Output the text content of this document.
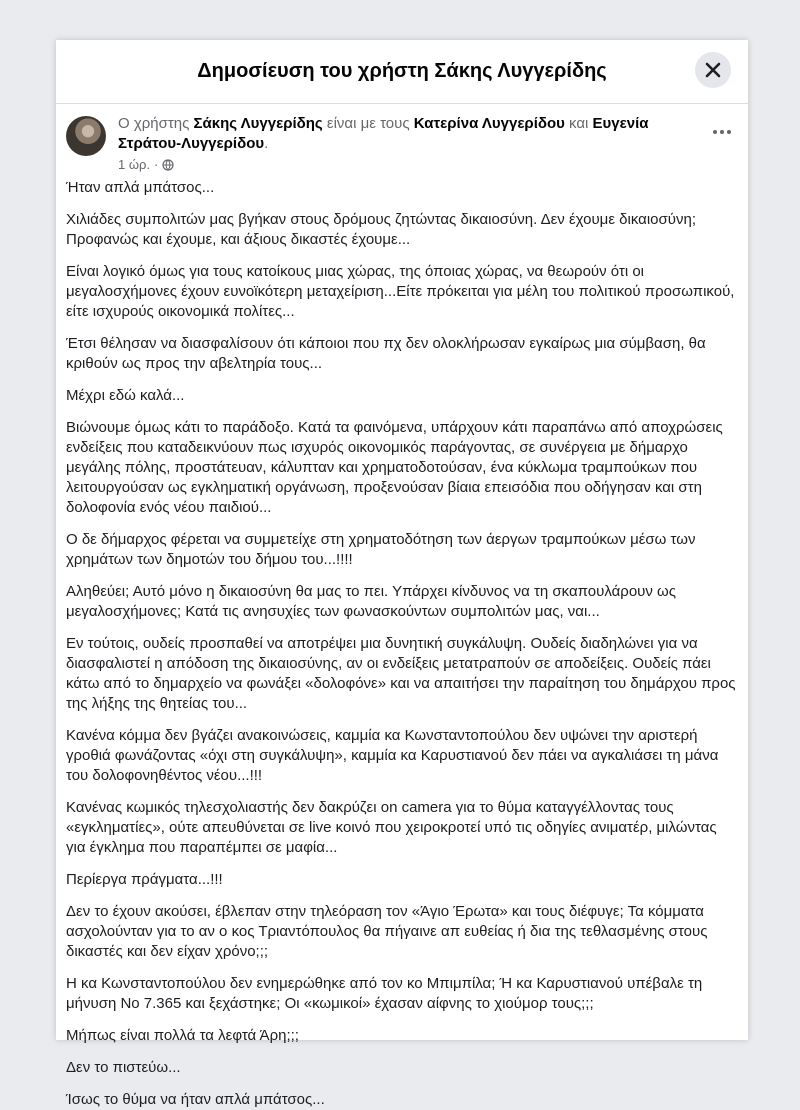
Δημοσίευση του χρήστη Σάκης Λυγγερίδης
Ο χρήστης Σάκης Λυγγερίδης είναι με τους Κατερίνα Λυγγερίδου και Ευγενία Στράτου-Λυγγερίδου.
1 ώρ. ·

Ήταν απλά μπάτσος...

Χιλιάδες συμπολιτών μας βγήκαν στους δρόμους ζητώντας δικαιοσύνη. Δεν έχουμε δικαιοσύνη; Προφανώς και έχουμε, και άξιους δικαστές έχουμε...

Είναι λογικό όμως για τους κατοίκους μιας χώρας, της όποιας χώρας, να θεωρούν ότι οι μεγαλοσχήμονες έχουν ευνοϊκότερη μεταχείριση...Είτε πρόκειται για μέλη του πολιτικού προσωπικού, είτε ισχυρούς οικονομικά πολίτες...

Έτσι θέλησαν να διασφαλίσουν ότι κάποιοι που πχ δεν ολοκλήρωσαν εγκαίρως μια σύμβαση, θα κριθούν ως προς την αβελτηρία τους...

Μέχρι εδώ καλά...

Βιώνουμε όμως κάτι το παράδοξο. Κατά τα φαινόμενα, υπάρχουν κάτι παραπάνω από αποχρώσεις ενδείξεις που καταδεικνύουν πως ισχυρός οικονομικός παράγοντας, σε συνέργεια με δήμαρχο μεγάλης πόλης, προστάτευαν, κάλυπταν και χρηματοδοτούσαν, ένα κύκλωμα τραμπούκων που λειτουργούσαν ως εγκληματική οργάνωση, προξενούσαν βίαια επεισόδια που οδήγησαν και στη δολοφονία ενός νέου παιδιού...

Ο δε δήμαρχος φέρεται να συμμετείχε στη χρηματοδότηση των άεργων τραμπούκων μέσω των χρημάτων των δημοτών του δήμου του...!!!!

Αληθεύει; Αυτό μόνο η δικαιοσύνη θα μας το πει. Υπάρχει κίνδυνος να τη σκαπουλάρουν ως μεγαλοσχήμονες; Κατά τις ανησυχίες των φωνασκούντων συμπολιτών μας, ναι...

Εν τούτοις, ουδείς προσπαθεί να αποτρέψει μια δυνητική συγκάλυψη. Ουδείς διαδηλώνει για να διασφαλιστεί η απόδοση της δικαιοσύνης, αν οι ενδείξεις μετατραπούν σε αποδείξεις. Ουδείς πάει κάτω από το δημαρχείο να φωνάξει «δολοφόνε» και να απαιτήσει την παραίτηση του δημάρχου προς της λήξης της θητείας του...

Κανένα κόμμα δεν βγάζει ανακοινώσεις, καμμία κα Κωνσταντοπούλου δεν υψώνει την αριστερή γροθιά φωνάζοντας «όχι στη συγκάλυψη», καμμία κα Καρυστιανού δεν πάει να αγκαλιάσει τη μάνα του δολοφονηθέντος νέου...!!!

Κανένας κωμικός τηλεσχολιαστής δεν δακρύζει on camera για το θύμα καταγγέλλοντας τους «εγκληματίες», ούτε απευθύνεται σε live κοινό που χειροκροτεί υπό τις οδηγίες ανιματέρ, μιλώντας για έγκλημα που παραπέμπει σε μαφία...

Περίεργα πράγματα...!!!

Δεν το έχουν ακούσει, έβλεπαν στην τηλεόραση τον «Άγιο Έρωτα» και τους διέφυγε; Τα κόμματα ασχολούνταν για το αν ο κος Τριαντόπουλος θα πήγαινε απ ευθείας ή δια της τεθλασμένης στους δικαστές και δεν είχαν χρόνο;;;

Η κα Κωνσταντοπούλου δεν ενημερώθηκε από τον κο Μπιμπίλα; Ή κα Καρυστιανού υπέβαλε τη μήνυση Νο 7.365 και ξεχάστηκε; Οι «κωμικοί» έχασαν αίφνης το χιούμορ τους;;;

Μήπως είναι πολλά τα λεφτά Άρη;;;

Δεν το πιστεύω...

Ίσως το θύμα να ήταν απλά μπάτσος...
